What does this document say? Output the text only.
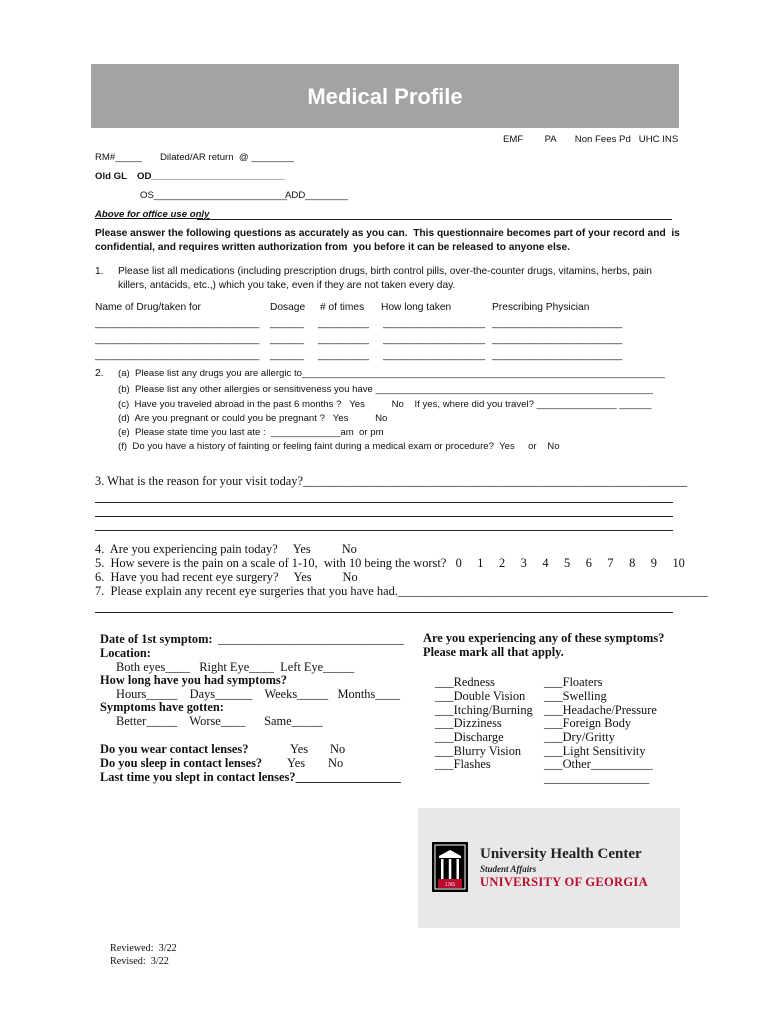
Medical Profile
EMF        PA       Non Fees Pd   UHC INS
RM#_____ Dilated/AR return  @ ________
Old GL OD_________________________
OS_________________________
ADD________
Above for office use only
Please answer the following questions as accurately as you can.  This questionnaire becomes part of your record and  is
confidential, and requires written authorization from  you before it can be released to anyone else.
1. Please list all medications (including prescription drugs, birth control pills, over-the-counter drugs, vitamins, herbs, pain
killers, antacids, etc.,) which you take, even if they are not taken every day.
Name of Drug/taken for	Dosage # of times How long taken	Prescribing Physician
_____________________________ ______ _________ __________________ _______________________
_____________________________ ______ _________ __________________ _______________________
_____________________________ ______ _________ __________________ _______________________
2. (a)  Please list any drugs you are allergic to____________________________________________________________________
(b)  Please list any other allergies or sensitiveness you have ____________________________________________________
(c)  Have you traveled abroad in the past 6 months ?   Yes          No    If yes, where did you travel? _______________ ______
(d)  Are you pregnant or could you be pregnant ?   Yes          No
(e)  Please state time you last ate :  _____________am  or pm
(f)  Do you have a history of fainting or feeling faint during a medical exam or procedure?  Yes     or    No
3. What is the reason for your visit today?______________________________________________________________
4.  Are you experiencing pain today?     Yes          No
5.  How severe is the pain on a scale of 1-10,  with 10 being the worst?   0     1     2     3     4     5     6     7     8     9     10
6.  Have you had recent eye surgery?     Yes          No
7.  Please explain any recent eye surgeries that you have had.__________________________________________________
Date of 1st symptom: ______________________________
Location:
Both eyes____   Right Eye____  Left Eye_____
How long have you had symptoms?
Hours_____    Days______    Weeks_____   Months____
Symptoms have gotten:
Better_____    Worse____      Same_____
Do you wear contact lenses?	Yes No
Do you sleep in contact lenses? Yes No
Last time you slept in contact lenses?_________________
Are you experiencing any of these symptoms?
Please mark all that apply.
___Redness
___Double Vision
___Itching/Burning
___Dizziness
___Discharge
___Blurry Vision
___Flashes
___Floaters
___Swelling
___Headache/Pressure
___Foreign Body
___Dry/Gritty
___Light Sensitivity
___Other__________
_________________
1785
University Health Center
Student Affairs
UNIVERSITY OF GEORGIA
Reviewed:  3/22
Revised:  3/22
